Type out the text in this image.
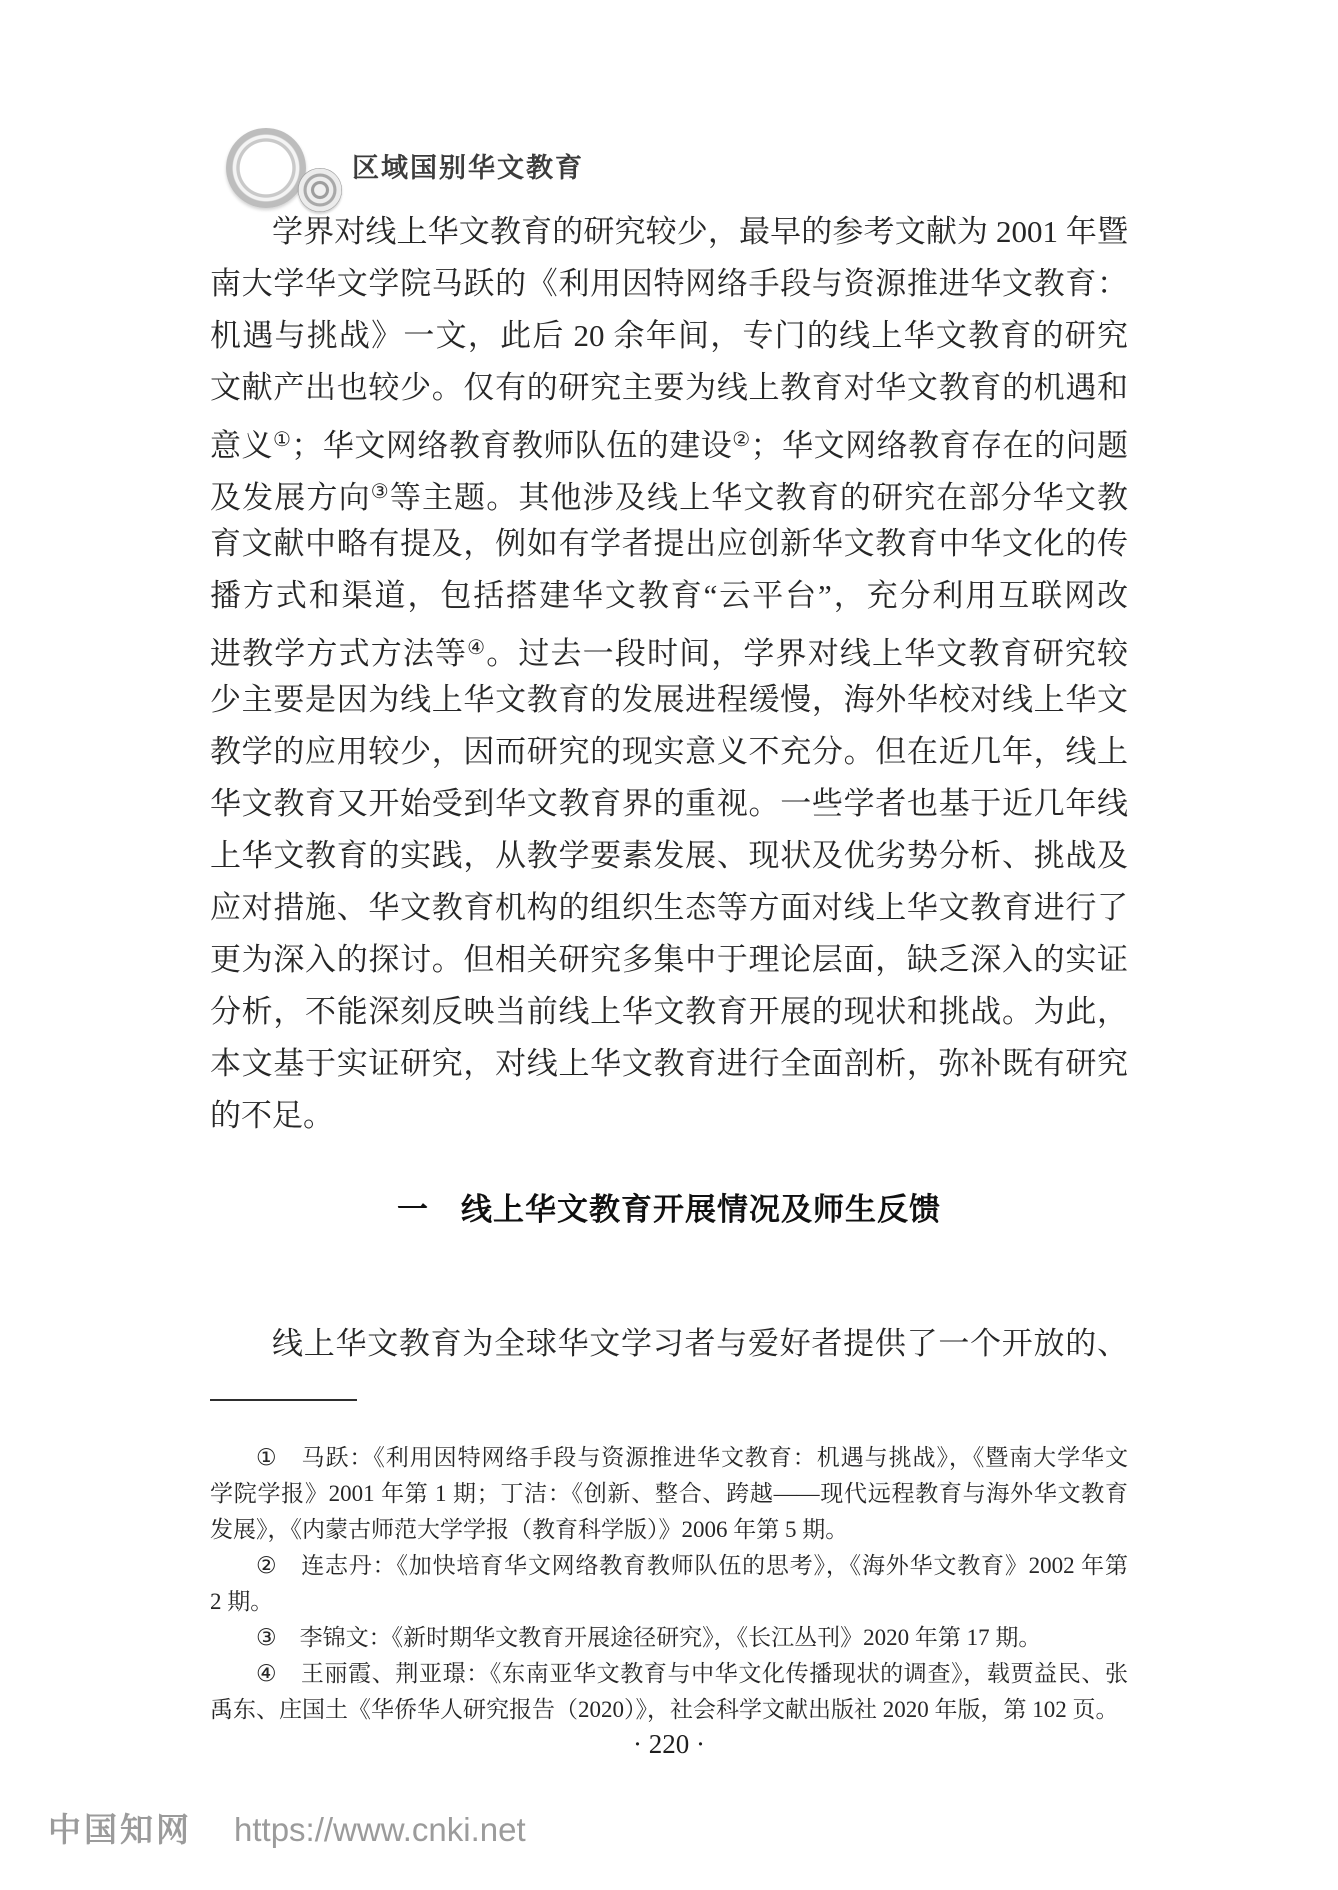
区域国别华文教育
学界对线上华文教育的研究较少，最早的参考文献为 2001 年暨
南大学华文学院马跃的《利用因特网络手段与资源推进华文教育：
机遇与挑战》一文，此后 20 余年间，专门的线上华文教育的研究
文献产出也较少。仅有的研究主要为线上教育对华文教育的机遇和
意义①；华文网络教育教师队伍的建设②；华文网络教育存在的问题
及发展方向③等主题。其他涉及线上华文教育的研究在部分华文教
育文献中略有提及，例如有学者提出应创新华文教育中华文化的传
播方式和渠道，包括搭建华文教育“云平台”，充分利用互联网改
进教学方式方法等④。过去一段时间，学界对线上华文教育研究较
少主要是因为线上华文教育的发展进程缓慢，海外华校对线上华文
教学的应用较少，因而研究的现实意义不充分。但在近几年，线上
华文教育又开始受到华文教育界的重视。一些学者也基于近几年线
上华文教育的实践，从教学要素发展、现状及优劣势分析、挑战及
应对措施、华文教育机构的组织生态等方面对线上华文教育进行了
更为深入的探讨。但相关研究多集中于理论层面，缺乏深入的实证
分析，不能深刻反映当前线上华文教育开展的现状和挑战。为此，
本文基于实证研究，对线上华文教育进行全面剖析，弥补既有研究
的不足。
一　线上华文教育开展情况及师生反馈
线上华文教育为全球华文学习者与爱好者提供了一个开放的、
①　马跃：《利用因特网络手段与资源推进华文教育：机遇与挑战》，《暨南大学华文
学院学报》2001 年第 1 期；丁洁：《创新、整合、跨越——现代远程教育与海外华文教育
发展》，《内蒙古师范大学学报（教育科学版）》2006 年第 5 期。
②　连志丹：《加快培育华文网络教育教师队伍的思考》，《海外华文教育》2002 年第
2 期。
③　李锦文：《新时期华文教育开展途径研究》，《长江丛刊》2020 年第 17 期。
④　王丽霞、荆亚璟：《东南亚华文教育与中华文化传播现状的调查》，载贾益民、张
禹东、庄国土《华侨华人研究报告（2020）》，社会科学文献出版社 2020 年版，第 102 页。
· 220 ·
中国知网 https://www.cnki.net
